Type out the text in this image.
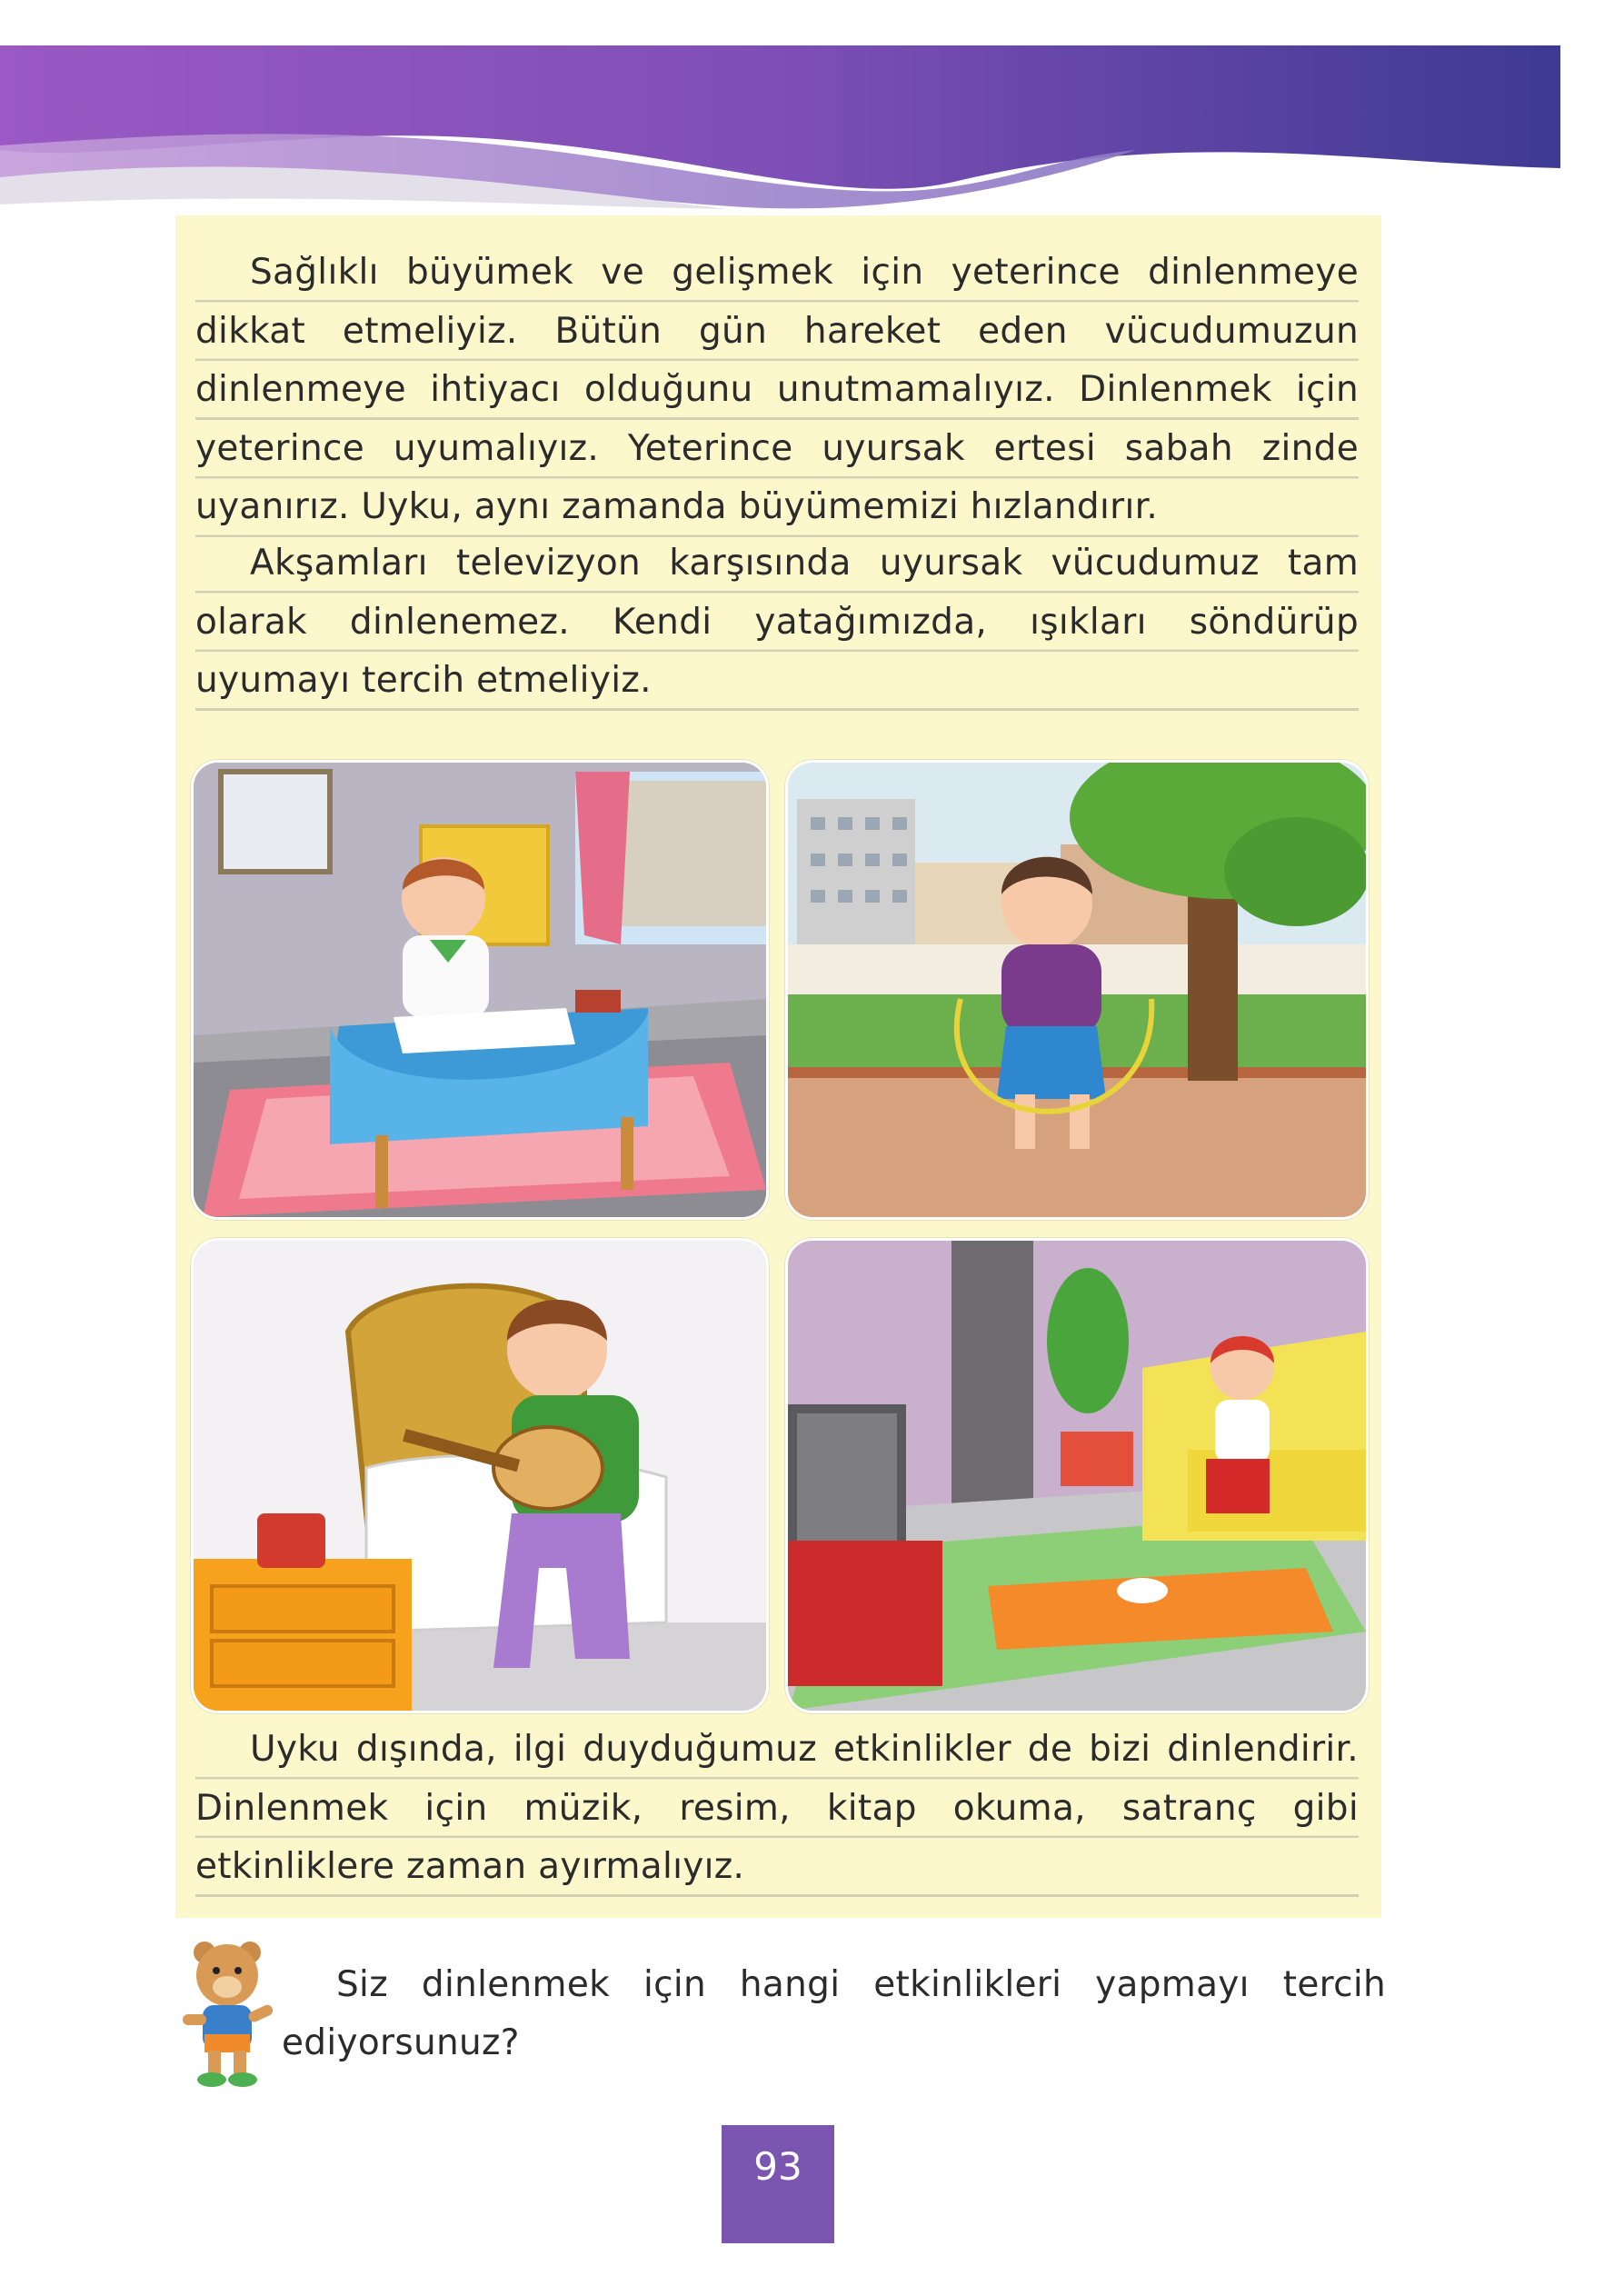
Sağlıklı büyümek ve gelişmek için yeterince dinlenmeye dikkat etmeliyiz. Bütün gün hareket eden vücudumuzun dinlenmeye ihtiyacı olduğunu unutmamalıyız. Dinlenmek için yeterince uyumalıyız. Yeterince uyursak ertesi sabah zinde uyanırız. Uyku, aynı zamanda büyümemizi hızlandırır.

Akşamları televizyon karşısında uyursak vücudumuz tam olarak dinlenemez. Kendi yatağımızda, ışıkları söndürüp uyumayı tercih etmeliyiz.

Uyku dışında, ilgi duyduğumuz etkinlikler de bizi dinlendirir. Dinlenmek için müzik, resim, kitap okuma, satranç gibi etkinliklere zaman ayırmalıyız.

Siz dinlenmek için hangi etkinlikleri yapmayı tercih ediyorsunuz?

93
